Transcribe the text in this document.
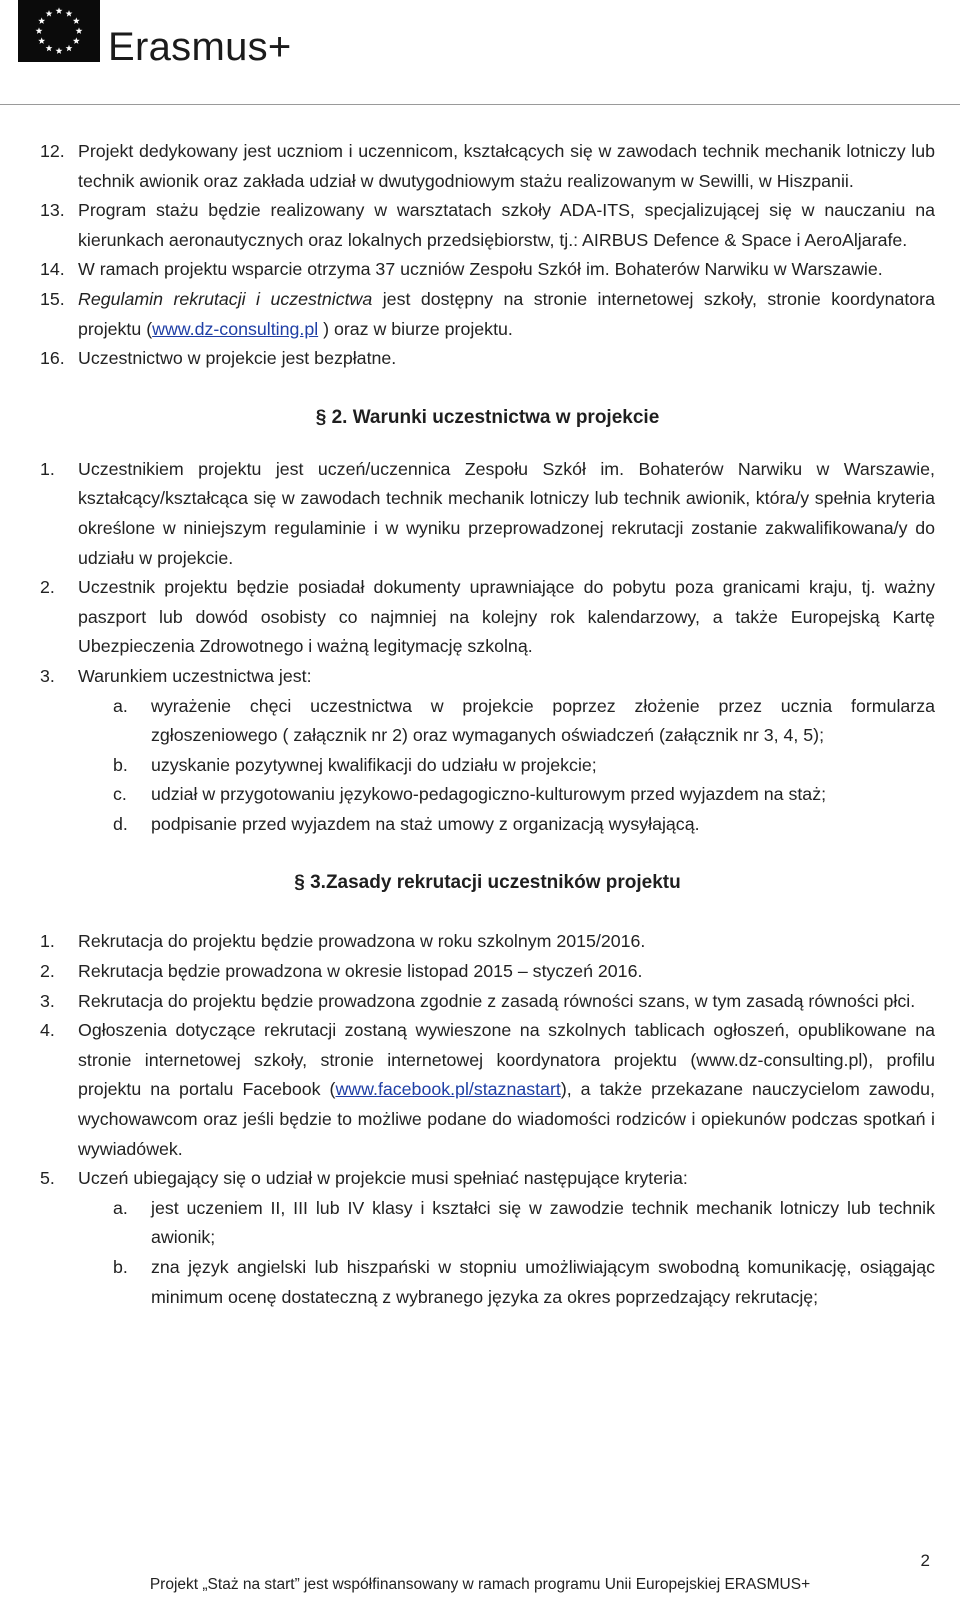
Erasmus+
12. Projekt dedykowany jest uczniom i uczennicom, kształcących się w zawodach technik mechanik lotniczy lub technik awionik oraz zakłada udział w dwutygodniowym stażu realizowanym w Sewilli, w Hiszpanii.
13. Program stażu będzie realizowany w warsztatach szkoły ADA-ITS, specjalizującej się w nauczaniu na kierunkach aeronautycznych oraz lokalnych przedsiębiorstw, tj.: AIRBUS Defence & Space i AeroAljarafe.
14. W ramach projektu wsparcie otrzyma 37 uczniów Zespołu Szkół im. Bohaterów Narwiku w Warszawie.
15. Regulamin rekrutacji i uczestnictwa jest dostępny na stronie internetowej szkoły, stronie koordynatora projektu (www.dz-consulting.pl ) oraz w biurze projektu.
16. Uczestnictwo w projekcie jest bezpłatne.
§ 2. Warunki uczestnictwa w projekcie
1. Uczestnikiem projektu jest uczeń/uczennica Zespołu Szkół im. Bohaterów Narwiku w Warszawie, kształcący/kształcąca się w zawodach technik mechanik lotniczy lub technik awionik, która/y spełnia kryteria określone w niniejszym regulaminie i w wyniku przeprowadzonej rekrutacji zostanie zakwalifikowana/y do udziału w projekcie.
2. Uczestnik projektu będzie posiadał dokumenty uprawniające do pobytu poza granicami kraju, tj. ważny paszport lub dowód osobisty co najmniej na kolejny rok kalendarzowy, a także Europejską Kartę Ubezpieczenia Zdrowotnego i ważną legitymację szkolną.
3. Warunkiem uczestnictwa jest:
a. wyrażenie chęci uczestnictwa w projekcie poprzez złożenie przez ucznia formularza zgłoszeniowego ( załącznik nr 2) oraz wymaganych oświadczeń (załącznik nr 3, 4, 5);
b. uzyskanie pozytywnej kwalifikacji do udziału w projekcie;
c. udział w przygotowaniu językowo-pedagogiczno-kulturowym przed wyjazdem na staż;
d. podpisanie przed wyjazdem na staż umowy z organizacją wysyłającą.
§ 3.Zasady rekrutacji uczestników projektu
1. Rekrutacja do projektu będzie prowadzona w roku szkolnym 2015/2016.
2. Rekrutacja będzie prowadzona w okresie listopad 2015 – styczeń 2016.
3. Rekrutacja do projektu będzie prowadzona zgodnie z zasadą równości szans, w tym zasadą równości płci.
4. Ogłoszenia dotyczące rekrutacji zostaną wywieszone na szkolnych tablicach ogłoszeń, opublikowane na stronie internetowej szkoły, stronie internetowej koordynatora projektu (www.dz-consulting.pl), profilu projektu na portalu Facebook (www.facebook.pl/staznastart), a także przekazane nauczycielom zawodu, wychowawcom oraz jeśli będzie to możliwe podane do wiadomości rodziców i opiekunów podczas spotkań i wywiadówek.
5. Uczeń ubiegający się o udział w projekcie musi spełniać następujące kryteria:
a. jest uczeniem II, III lub IV klasy i kształci się w zawodzie technik mechanik lotniczy lub technik awionik;
b. zna język angielski lub hiszpański w stopniu umożliwiającym swobodną komunikację, osiągając minimum ocenę dostateczną z wybranego języka za okres poprzedzający rekrutację;
2
Projekt „Staż na start” jest współfinansowany w ramach programu Unii Europejskiej ERASMUS+
